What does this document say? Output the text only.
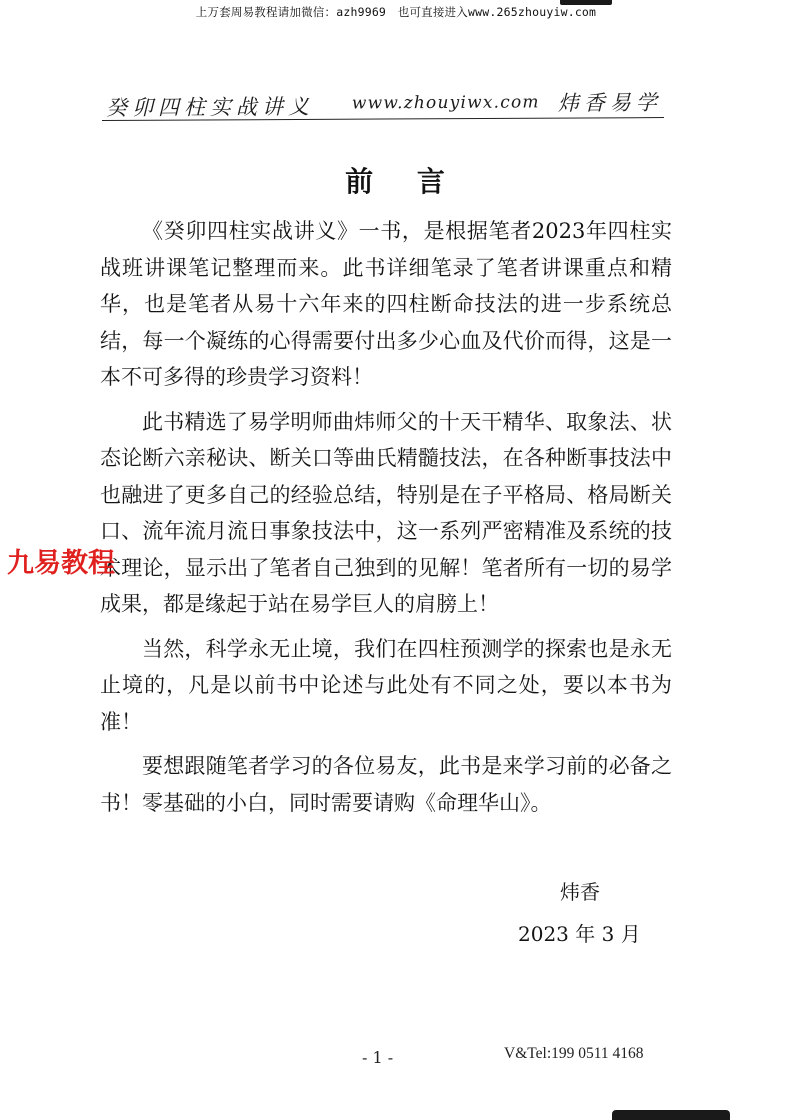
上万套周易教程请加微信：azh9969　也可直接进入www.265zhouyiw.com
癸卯四柱实战讲义 www.zhouyiwx.com 炜香易学
前 言

《癸卯四柱实战讲义》一书，是根据笔者2023年四柱实战班讲课笔记整理而来。此书详细笔录了笔者讲课重点和精华，也是笔者从易十六年来的四柱断命技法的进一步系统总结，每一个凝练的心得需要付出多少心血及代价而得，这是一本不可多得的珍贵学习资料！

此书精选了易学明师曲炜师父的十天干精华、取象法、状态论断六亲秘诀、断关口等曲氏精髓技法，在各种断事技法中也融进了更多自己的经验总结，特别是在子平格局、格局断关口、流年流月流日事象技法中，这一系列严密精准及系统的技术理论，显示出了笔者自己独到的见解！笔者所有一切的易学成果，都是缘起于站在易学巨人的肩膀上！

当然，科学永无止境，我们在四柱预测学的探索也是永无止境的，凡是以前书中论述与此处有不同之处，要以本书为准！

要想跟随笔者学习的各位易友，此书是来学习前的必备之书！零基础的小白，同时需要请购《命理华山》。

炜香
2023 年 3 月
- 1 -	V&Tel:199 0511 4168
九易教程
